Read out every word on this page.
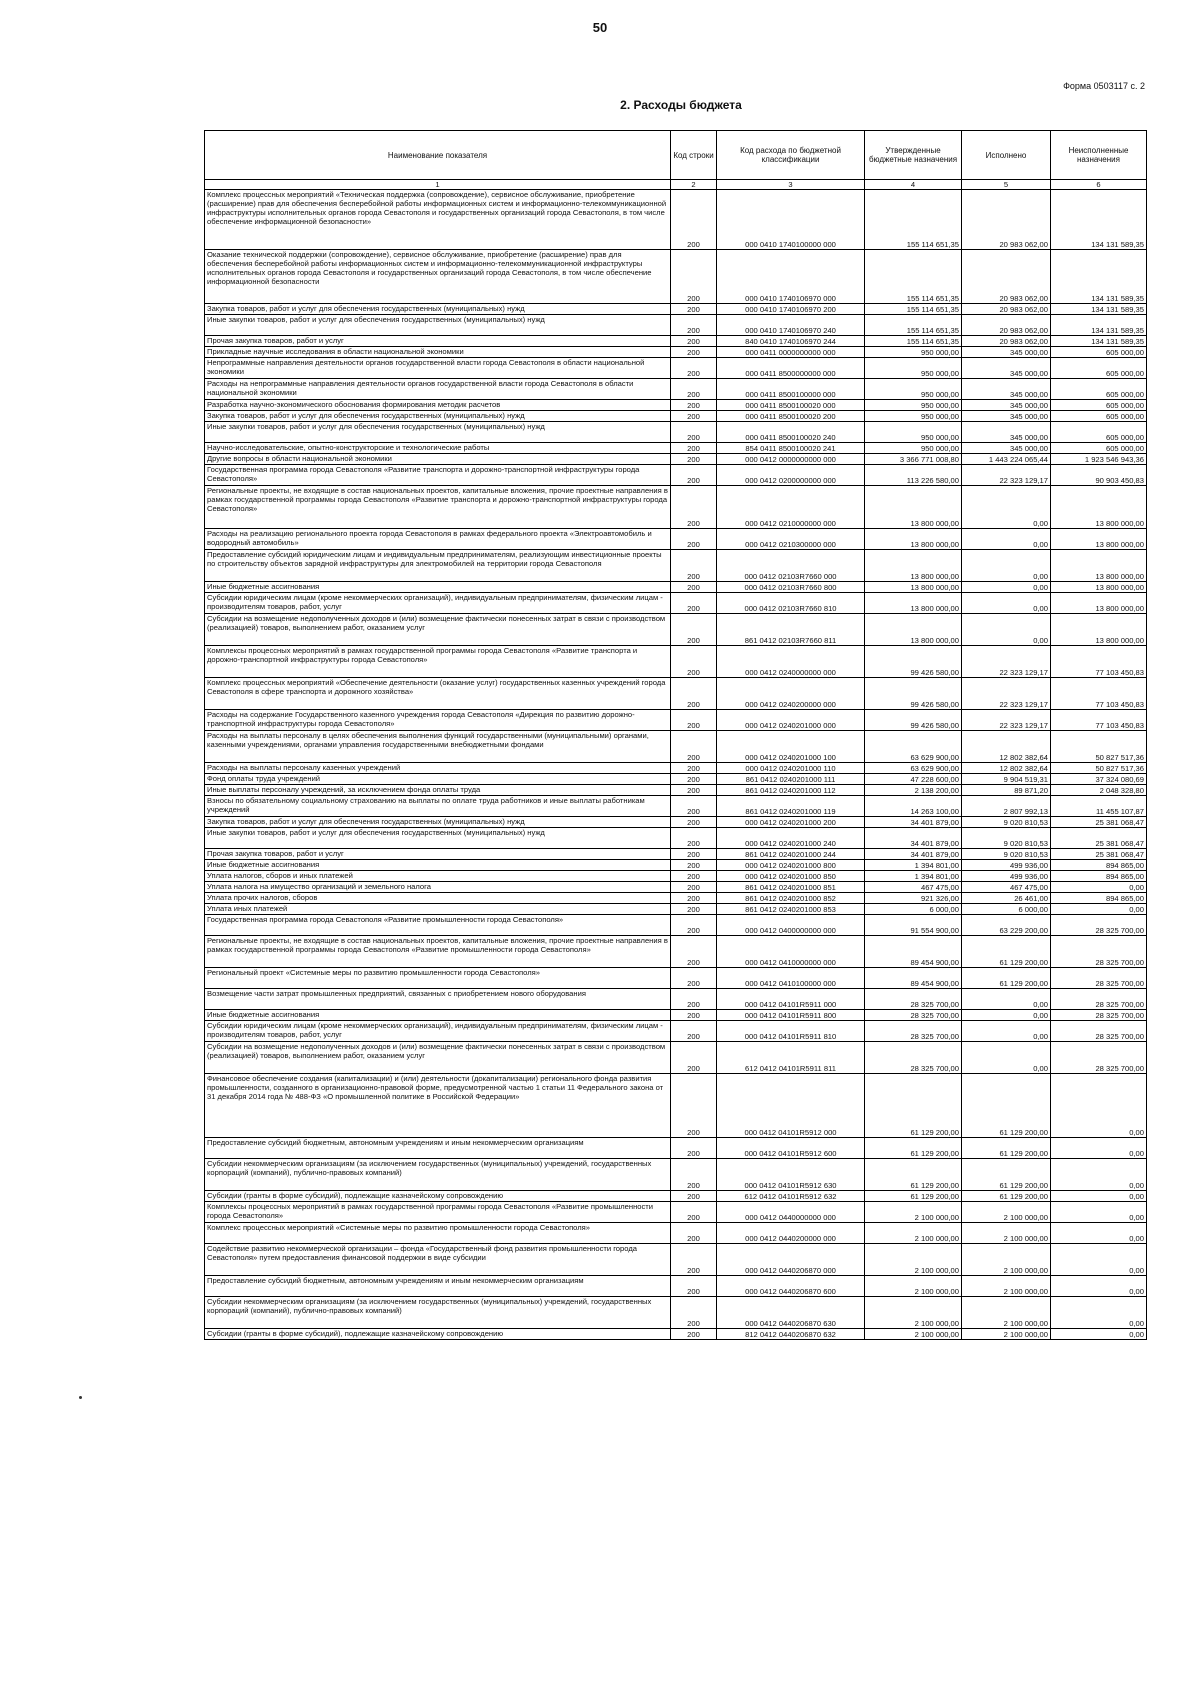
50
Форма 0503117 с. 2
2. Расходы бюджета
Наименование показателя	Код строки	Код расхода по бюджетной классификации	Утвержденные бюджетные назначения	Исполнено	Неисполненные назначения
1	2	3	4	5	6
Комплекс процессных мероприятий «Техническая поддержка (сопровождение), сервисное обслуживание, приобретение (расширение) прав для обеспечения бесперебойной работы информационных систем и информационно-телекоммуникационной инфраструктуры исполнительных органов города Севастополя и государственных организаций города Севастополя, в том числе обеспечение информационной безопасности»	200	000 0410 1740100000 000	155 114 651,35	20 983 062,00	134 131 589,35
Оказание технической поддержки (сопровождение), сервисное обслуживание, приобретение (расширение) прав для обеспечения бесперебойной работы информационных систем и информационно-телекоммуникационной инфраструктуры исполнительных органов города Севастополя и государственных организаций города Севастополя, в том числе обеспечение информационной безопасности	200	000 0410 1740106970 000	155 114 651,35	20 983 062,00	134 131 589,35
Закупка товаров, работ и услуг для обеспечения государственных (муниципальных) нужд	200	000 0410 1740106970 200	155 114 651,35	20 983 062,00	134 131 589,35
Иные закупки товаров, работ и услуг для обеспечения государственных (муниципальных) нужд	200	000 0410 1740106970 240	155 114 651,35	20 983 062,00	134 131 589,35
Прочая закупка товаров, работ и услуг	200	840 0410 1740106970 244	155 114 651,35	20 983 062,00	134 131 589,35
Прикладные научные исследования в области национальной экономики	200	000 0411 0000000000 000	950 000,00	345 000,00	605 000,00
Непрограммные направления деятельности органов государственной власти города Севастополя в области национальной экономики	200	000 0411 8500000000 000	950 000,00	345 000,00	605 000,00
Расходы на непрограммные направления деятельности органов государственной власти города Севастополя в области национальной экономики	200	000 0411 8500100000 000	950 000,00	345 000,00	605 000,00
Разработка научно-экономического обоснования формирования методик расчетов	200	000 0411 8500100020 000	950 000,00	345 000,00	605 000,00
Закупка товаров, работ и услуг для обеспечения государственных (муниципальных) нужд	200	000 0411 8500100020 200	950 000,00	345 000,00	605 000,00
Иные закупки товаров, работ и услуг для обеспечения государственных (муниципальных) нужд	200	000 0411 8500100020 240	950 000,00	345 000,00	605 000,00
Научно-исследовательские, опытно-конструкторские и технологические работы	200	854 0411 8500100020 241	950 000,00	345 000,00	605 000,00
Другие вопросы в области национальной экономики	200	000 0412 0000000000 000	3 366 771 008,80	1 443 224 065,44	1 923 546 943,36
Государственная программа города Севастополя «Развитие транспорта и дорожно-транспортной инфраструктуры города Севастополя»	200	000 0412 0200000000 000	113 226 580,00	22 323 129,17	90 903 450,83
Региональные проекты, не входящие в состав национальных проектов, капитальные вложения, прочие проектные направления в рамках государственной программы города Севастополя «Развитие транспорта и дорожно-транспортной инфраструктуры города Севастополя»	200	000 0412 0210000000 000	13 800 000,00	0,00	13 800 000,00
Расходы на реализацию регионального проекта города Севастополя в рамках федерального проекта «Электроавтомобиль и водородный автомобиль»	200	000 0412 0210300000 000	13 800 000,00	0,00	13 800 000,00
Предоставление субсидий юридическим лицам и индивидуальным предпринимателям, реализующим инвестиционные проекты по строительству объектов зарядной инфраструктуры для электромобилей на территории города Севастополя	200	000 0412 02103R7660 000	13 800 000,00	0,00	13 800 000,00
Иные бюджетные ассигнования	200	000 0412 02103R7660 800	13 800 000,00	0,00	13 800 000,00
Субсидии юридическим лицам (кроме некоммерческих организаций), индивидуальным предпринимателям, физическим лицам - производителям товаров, работ, услуг	200	000 0412 02103R7660 810	13 800 000,00	0,00	13 800 000,00
Субсидии на возмещение недополученных доходов и (или) возмещение фактически понесенных затрат в связи с производством (реализацией) товаров, выполнением работ, оказанием услуг	200	861 0412 02103R7660 811	13 800 000,00	0,00	13 800 000,00
Комплексы процессных мероприятий в рамках государственной программы города Севастополя «Развитие транспорта и дорожно-транспортной инфраструктуры города Севастополя»	200	000 0412 0240000000 000	99 426 580,00	22 323 129,17	77 103 450,83
Комплекс процессных мероприятий «Обеспечение деятельности (оказание услуг) государственных казенных учреждений города Севастополя в сфере транспорта и дорожного хозяйства»	200	000 0412 0240200000 000	99 426 580,00	22 323 129,17	77 103 450,83
Расходы на содержание Государственного казенного учреждения города Севастополя «Дирекция по развитию дорожно-транспортной инфраструктуры города Севастополя»	200	000 0412 0240201000 000	99 426 580,00	22 323 129,17	77 103 450,83
Расходы на выплаты персоналу в целях обеспечения выполнения функций государственными (муниципальными) органами, казенными учреждениями, органами управления государственными внебюджетными фондами	200	000 0412 0240201000 100	63 629 900,00	12 802 382,64	50 827 517,36
Расходы на выплаты персоналу казенных учреждений	200	000 0412 0240201000 110	63 629 900,00	12 802 382,64	50 827 517,36
Фонд оплаты труда учреждений	200	861 0412 0240201000 111	47 228 600,00	9 904 519,31	37 324 080,69
Иные выплаты персоналу учреждений, за исключением фонда оплаты труда	200	861 0412 0240201000 112	2 138 200,00	89 871,20	2 048 328,80
Взносы по обязательному социальному страхованию на выплаты по оплате труда работников и иные выплаты работникам учреждений	200	861 0412 0240201000 119	14 263 100,00	2 807 992,13	11 455 107,87
Закупка товаров, работ и услуг для обеспечения государственных (муниципальных) нужд	200	000 0412 0240201000 200	34 401 879,00	9 020 810,53	25 381 068,47
Иные закупки товаров, работ и услуг для обеспечения государственных (муниципальных) нужд	200	000 0412 0240201000 240	34 401 879,00	9 020 810,53	25 381 068,47
Прочая закупка товаров, работ и услуг	200	861 0412 0240201000 244	34 401 879,00	9 020 810,53	25 381 068,47
Иные бюджетные ассигнования	200	000 0412 0240201000 800	1 394 801,00	499 936,00	894 865,00
Уплата налогов, сборов и иных платежей	200	000 0412 0240201000 850	1 394 801,00	499 936,00	894 865,00
Уплата налога на имущество организаций и земельного налога	200	861 0412 0240201000 851	467 475,00	467 475,00	0,00
Уплата прочих налогов, сборов	200	861 0412 0240201000 852	921 326,00	26 461,00	894 865,00
Уплата иных платежей	200	861 0412 0240201000 853	6 000,00	6 000,00	0,00
Государственная программа города Севастополя «Развитие промышленности города Севастополя»	200	000 0412 0400000000 000	91 554 900,00	63 229 200,00	28 325 700,00
Региональные проекты, не входящие в состав национальных проектов, капитальные вложения, прочие проектные направления в рамках государственной программы города Севастополя «Развитие промышленности города Севастополя»	200	000 0412 0410000000 000	89 454 900,00	61 129 200,00	28 325 700,00
Региональный проект «Системные меры по развитию промышленности города Севастополя»	200	000 0412 0410100000 000	89 454 900,00	61 129 200,00	28 325 700,00
Возмещение части затрат промышленных предприятий, связанных с приобретением нового оборудования	200	000 0412 04101R5911 000	28 325 700,00	0,00	28 325 700,00
Иные бюджетные ассигнования	200	000 0412 04101R5911 800	28 325 700,00	0,00	28 325 700,00
Субсидии юридическим лицам (кроме некоммерческих организаций), индивидуальным предпринимателям, физическим лицам - производителям товаров, работ, услуг	200	000 0412 04101R5911 810	28 325 700,00	0,00	28 325 700,00
Субсидии на возмещение недополученных доходов и (или) возмещение фактически понесенных затрат в связи с производством (реализацией) товаров, выполнением работ, оказанием услуг	200	612 0412 04101R5911 811	28 325 700,00	0,00	28 325 700,00
Финансовое обеспечение создания (капитализации) и (или) деятельности (докапитализации) регионального фонда развития промышленности, созданного в организационно-правовой форме, предусмотренной частью 1 статьи 11 Федерального закона от 31 декабря 2014 года № 488-ФЗ «О промышленной политике в Российской Федерации»	200	000 0412 04101R5912 000	61 129 200,00	61 129 200,00	0,00
Предоставление субсидий бюджетным, автономным учреждениям и иным некоммерческим организациям	200	000 0412 04101R5912 600	61 129 200,00	61 129 200,00	0,00
Субсидии некоммерческим организациям (за исключением государственных (муниципальных) учреждений, государственных корпораций (компаний), публично-правовых компаний)	200	000 0412 04101R5912 630	61 129 200,00	61 129 200,00	0,00
Субсидии (гранты в форме субсидий), подлежащие казначейскому сопровождению	200	612 0412 04101R5912 632	61 129 200,00	61 129 200,00	0,00
Комплексы процессных мероприятий в рамках государственной программы города Севастополя «Развитие промышленности города Севастополя»	200	000 0412 0440000000 000	2 100 000,00	2 100 000,00	0,00
Комплекс процессных мероприятий «Системные меры по развитию промышленности города Севастополя»	200	000 0412 0440200000 000	2 100 000,00	2 100 000,00	0,00
Содействие развитию некоммерческой организации – фонда «Государственный фонд развития промышленности города Севастополя» путем предоставления финансовой поддержки в виде субсидии	200	000 0412 0440206870 000	2 100 000,00	2 100 000,00	0,00
Предоставление субсидий бюджетным, автономным учреждениям и иным некоммерческим организациям	200	000 0412 0440206870 600	2 100 000,00	2 100 000,00	0,00
Субсидии некоммерческим организациям (за исключением государственных (муниципальных) учреждений, государственных корпораций (компаний), публично-правовых компаний)	200	000 0412 0440206870 630	2 100 000,00	2 100 000,00	0,00
Субсидии (гранты в форме субсидий), подлежащие казначейскому сопровождению	200	812 0412 0440206870 632	2 100 000,00	2 100 000,00	0,00
